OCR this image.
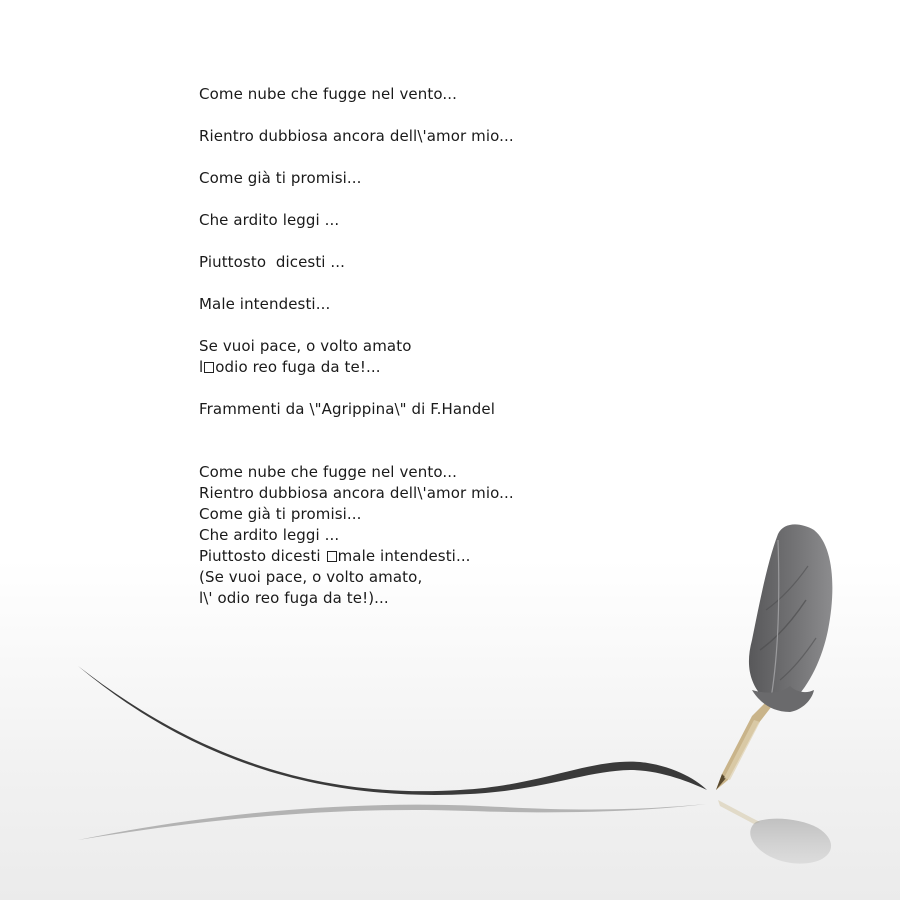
Come nube che fugge nel vento...
Rientro dubbiosa ancora dell\'amor mio...
Come già ti promisi...
Che ardito leggi ...
Piuttosto  dicesti ...
Male intendesti...
Se vuoi pace, o volto amato
l odio reo fuga da te!...
Frammenti da \"Agrippina\" di F.Handel
Come nube che fugge nel vento...
Rientro dubbiosa ancora dell\'amor mio...
Come già ti promisi...
Che ardito leggi ...
Piuttosto dicesti male intendesti...
(Se vuoi pace, o volto amato,
l\' odio reo fuga da te!)...
